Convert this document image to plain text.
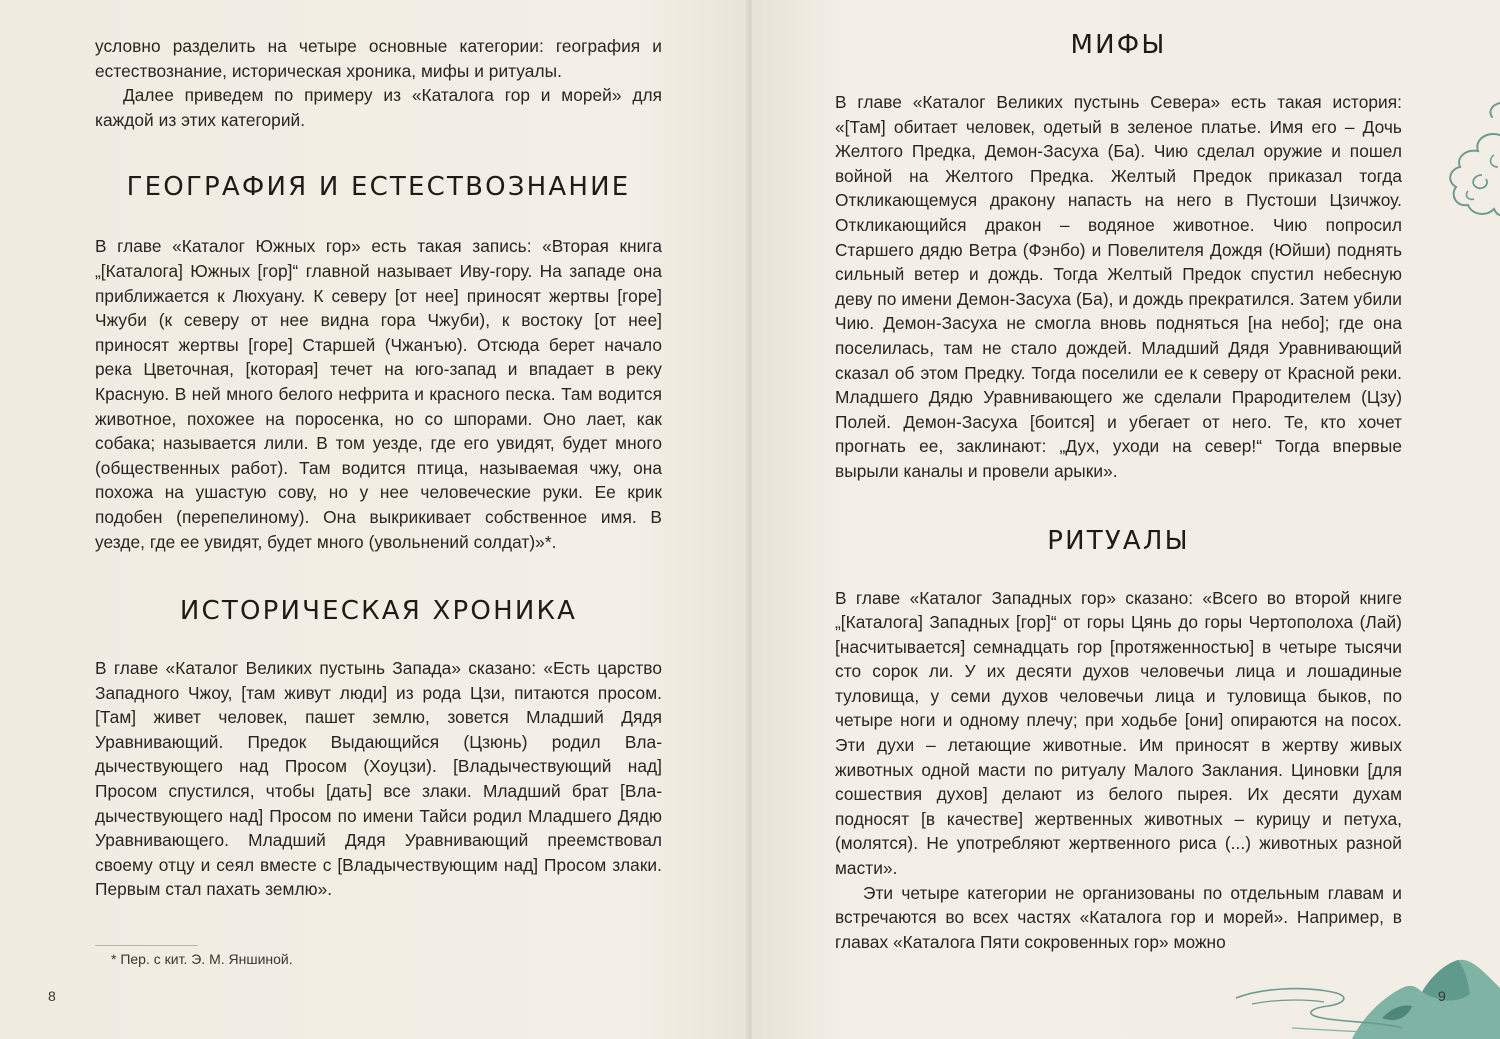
условно разделить на четыре основные категории: география и естествознание, историческая хроника, мифы и ритуалы.

Далее приведем по примеру из «Каталога гор и морей» для каждой из этих категорий.

ГЕОГРАФИЯ И ЕСТЕСТВОЗНАНИЕ

В главе «Каталог Южных гор» есть такая запись: «Вторая книга „[Каталога] Южных [гор]“ главной называет Иву-гору. На западе она приближается к Люхуану. К северу [от нее] приносят жертвы [горе] Чжуби (к северу от нее видна гора Чжуби), к востоку [от нее] приносят жертвы [горе] Старшей (Чжанъю). Отсюда берет начало река Цветочная, [которая] течет на юго-запад и впадает в реку Красную. В ней много белого нефрита и красного песка. Там водится животное, похожее на поросенка, но со шпорами. Оно лает, как собака; называется лили. В том уезде, где его увидят, будет много (общественных работ). Там водится птица, называемая чжу, она похожа на ушастую сову, но у нее человеческие руки. Ее крик подобен (перепелиному). Она выкрикивает собственное имя. В уезде, где ее увидят, будет много (увольнений солдат)»*.

ИСТОРИЧЕСКАЯ ХРОНИКА

В главе «Каталог Великих пустынь Запада» сказано: «Есть царство Западного Чжоу, [там живут люди] из рода Цзи, питаются просом. [Там] живет человек, пашет землю, зовется Младший Дядя Уравнивающий. Предок Выдающийся (Цзюнь) родил Владычествующего над Просом (Хоуцзи). [Владычествующий над] Просом спустился, чтобы [дать] все злаки. Младший брат [Владычествующего над] Просом по имени Тайси родил Младшего Дядю Уравнивающего. Младший Дядя Уравнивающий преемствовал своему отцу и сеял вместе с [Владычествующим над] Просом злаки. Первым стал пахать землю».

* Пер. с кит. Э. М. Яншиной.
8
МИФЫ

В главе «Каталог Великих пустынь Севера» есть такая история: «[Там] обитает человек, одетый в зеленое платье. Имя его – Дочь Желтого Предка, Демон-Засуха (Ба). Чию сделал оружие и пошел войной на Желтого Предка. Желтый Предок приказал тогда Откликающемуся дракону напасть на него в Пустоши Цзичжоу. Откликающийся дракон – водяное животное. Чию попросил Старшего дядю Ветра (Фэнбо) и Повелителя Дождя (Юйши) поднять сильный ветер и дождь. Тогда Желтый Предок спустил небесную деву по имени Демон-Засуха (Ба), и дождь прекратился. Затем убили Чию. Демон-Засуха не смогла вновь подняться [на небо]; где она поселилась, там не стало дождей. Младший Дядя Уравнивающий сказал об этом Предку. Тогда поселили ее к северу от Красной реки. Младшего Дядю Уравнивающего же сделали Прародителем (Цзу) Полей. Демон-Засуха [боится] и убегает от него. Те, кто хочет прогнать ее, заклинают: „Дух, уходи на север!“ Тогда впервые вырыли каналы и провели арыки».

РИТУАЛЫ

В главе «Каталог Западных гор» сказано: «Всего во второй книге „[Каталога] Западных [гор]“ от горы Цянь до горы Чертополоха (Лай) [насчитывается] семнадцать гор [протяженностью] в четыре тысячи сто сорок ли. У их десяти духов человечьи лица и лошадиные туловища, у семи духов человечьи лица и туловища быков, по четыре ноги и одному плечу; при ходьбе [они] опираются на посох. Эти духи – летающие животные. Им приносят в жертву живых животных одной масти по ритуалу Малого Заклания. Циновки [для сошествия духов] делают из белого пырея. Их десяти духам подносят [в качестве] жертвенных животных – курицу и петуха, (молятся). Не употребляют жертвенного риса (...) животных разной масти».

Эти четыре категории не организованы по отдельным главам и встречаются во всех частях «Каталога гор и морей». Например, в главах «Каталога Пяти сокровенных гор» можно

9
